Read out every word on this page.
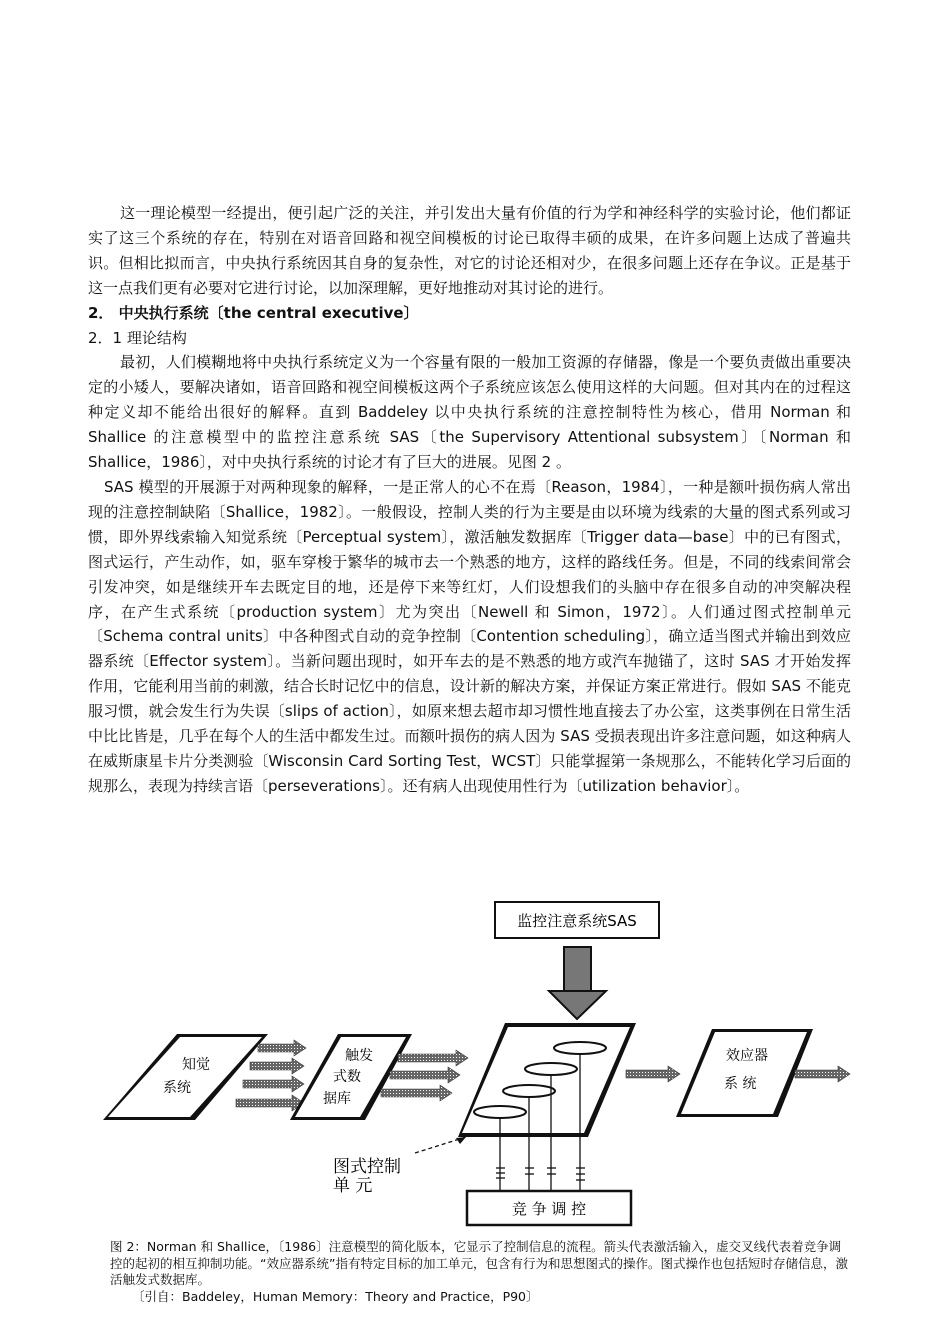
这一理论模型一经提出，便引起广泛的关注，并引发出大量有价值的行为学和神经科学的实验讨论，他们都证实了这三个系统的存在，特别在对语音回路和视空间模板的讨论已取得丰硕的成果，在许多问题上达成了普遍共识。但相比拟而言，中央执行系统因其自身的复杂性，对它的讨论还相对少，在很多问题上还存在争议。正是基于这一点我们更有必要对它进行讨论，以加深理解，更好地推动对其讨论的进行。

2． 中央执行系统〔the central executive〕

2．1 理论结构

最初，人们模糊地将中央执行系统定义为一个容量有限的一般加工资源的存储器，像是一个要负责做出重要决定的小矮人，要解决诸如，语音回路和视空间模板这两个子系统应该怎么使用这样的大问题。但对其内在的过程这种定义却不能给出很好的解释。直到 Baddeley 以中央执行系统的注意控制特性为核心，借用 Norman 和 Shallice 的注意模型中的监控注意系统 SAS〔the Supervisory Attentional subsystem〕〔Norman 和 Shallice，1986〕，对中央执行系统的讨论才有了巨大的进展。见图 2 。

SAS 模型的开展源于对两种现象的解释，一是正常人的心不在焉〔Reason，1984〕，一种是额叶损伤病人常出现的注意控制缺陷〔Shallice，1982〕。一般假设，控制人类的行为主要是由以环境为线索的大量的图式系列或习惯，即外界线索输入知觉系统〔Perceptual system〕，激活触发数据库〔Trigger data—base〕中的已有图式，图式运行，产生动作，如，驱车穿梭于繁华的城市去一个熟悉的地方，这样的路线任务。但是，不同的线索间常会引发冲突，如是继续开车去既定目的地，还是停下来等红灯，人们设想我们的头脑中存在很多自动的冲突解决程序，在产生式系统〔production system〕尤为突出〔Newell 和 Simon，1972〕。人们通过图式控制单元〔Schema contral units〕中各种图式自动的竞争控制〔Contention scheduling〕，确立适当图式并输出到效应器系统〔Effector system〕。当新问题出现时，如开车去的是不熟悉的地方或汽车抛锚了，这时 SAS 才开始发挥作用，它能利用当前的刺激，结合长时记忆中的信息，设计新的解决方案，并保证方案正常进行。假如 SAS 不能克服习惯，就会发生行为失误〔slips of action〕，如原来想去超市却习惯性地直接去了办公室，这类事例在日常生活中比比皆是，几乎在每个人的生活中都发生过。而额叶损伤的病人因为 SAS 受损表现出许多注意问题，如这种病人在威斯康星卡片分类测验〔Wisconsin Card Sorting Test，WCST〕只能掌握第一条规那么，不能转化学习后面的规那么，表现为持续言语〔perseverations〕。还有病人出现使用性行为〔utilization behavior〕。

监控注意系统SAS
知觉
系统
触发
式数
据库
图式控制
单 元
竞 争 调 控
效应器
系 统

图 2：Norman 和 Shallice，〔1986〕注意模型的简化版本，它显示了控制信息的流程。箭头代表激活输入，虚交叉线代表着竞争调控的起初的相互抑制功能。“效应器系统”指有特定目标的加工单元，包含有行为和思想图式的操作。图式操作也包括短时存储信息，激活触发式数据库。

〔引自：Baddeley，Human Memory：Theory and Practice，P90〕
